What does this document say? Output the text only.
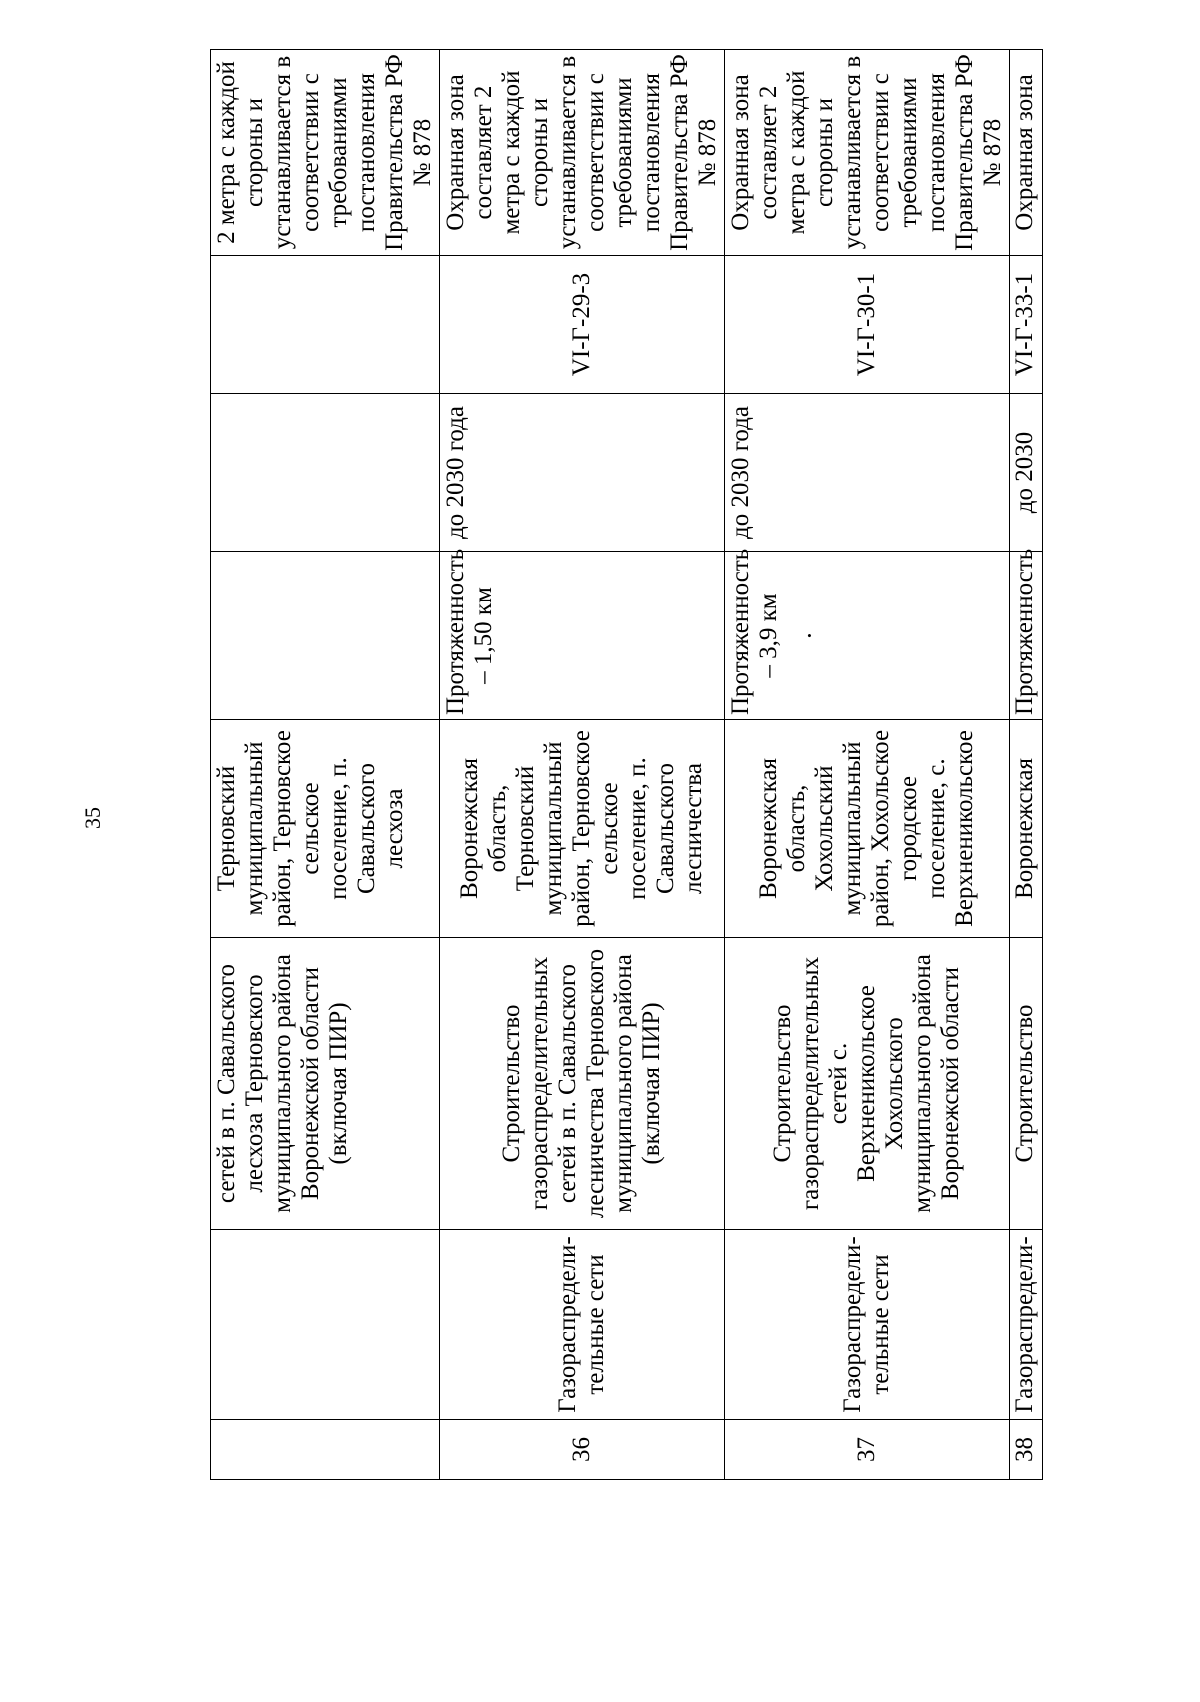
35
		сетей в п. Савальского лесхоза Терновского муниципального района Воронежской области (включая ПИР)	Терновский муниципальный район, Терновское сельское поселение, п. Савальского лесхоза				2 метра с каждой стороны и устанавливается в соответствии с требованиями постановления Правительства РФ № 878
36	Газораспредели-тельные сети	Строительство газораспределительных сетей в п. Савальского лесничества Терновского муниципального района (включая ПИР)	Воронежская область, Терновский муниципальный район, Терновское сельское поселение, п. Савальского лесничества	Протяженность – 1,50 км	до 2030 года	VI-Г-29-3	Охранная зона составляет 2 метра с каждой стороны и устанавливается в соответствии с требованиями постановления Правительства РФ № 878
37	Газораспредели-тельные сети	Строительство газораспределительных сетей с. Верхненикольское Хохольского муниципального района Воронежской области	Воронежская область, Хохольский муниципальный район, Хохольское городское поселение, с. Верхненикольское	Протяженность – 3,9 км ·	до 2030 года	VI-Г-30-1	Охранная зона составляет 2 метра с каждой стороны и устанавливается в соответствии с требованиями постановления Правительства РФ № 878
38	Газораспредели-	Строительство	Воронежская	Протяженность	до 2030	VI-Г-33-1	Охранная зона
